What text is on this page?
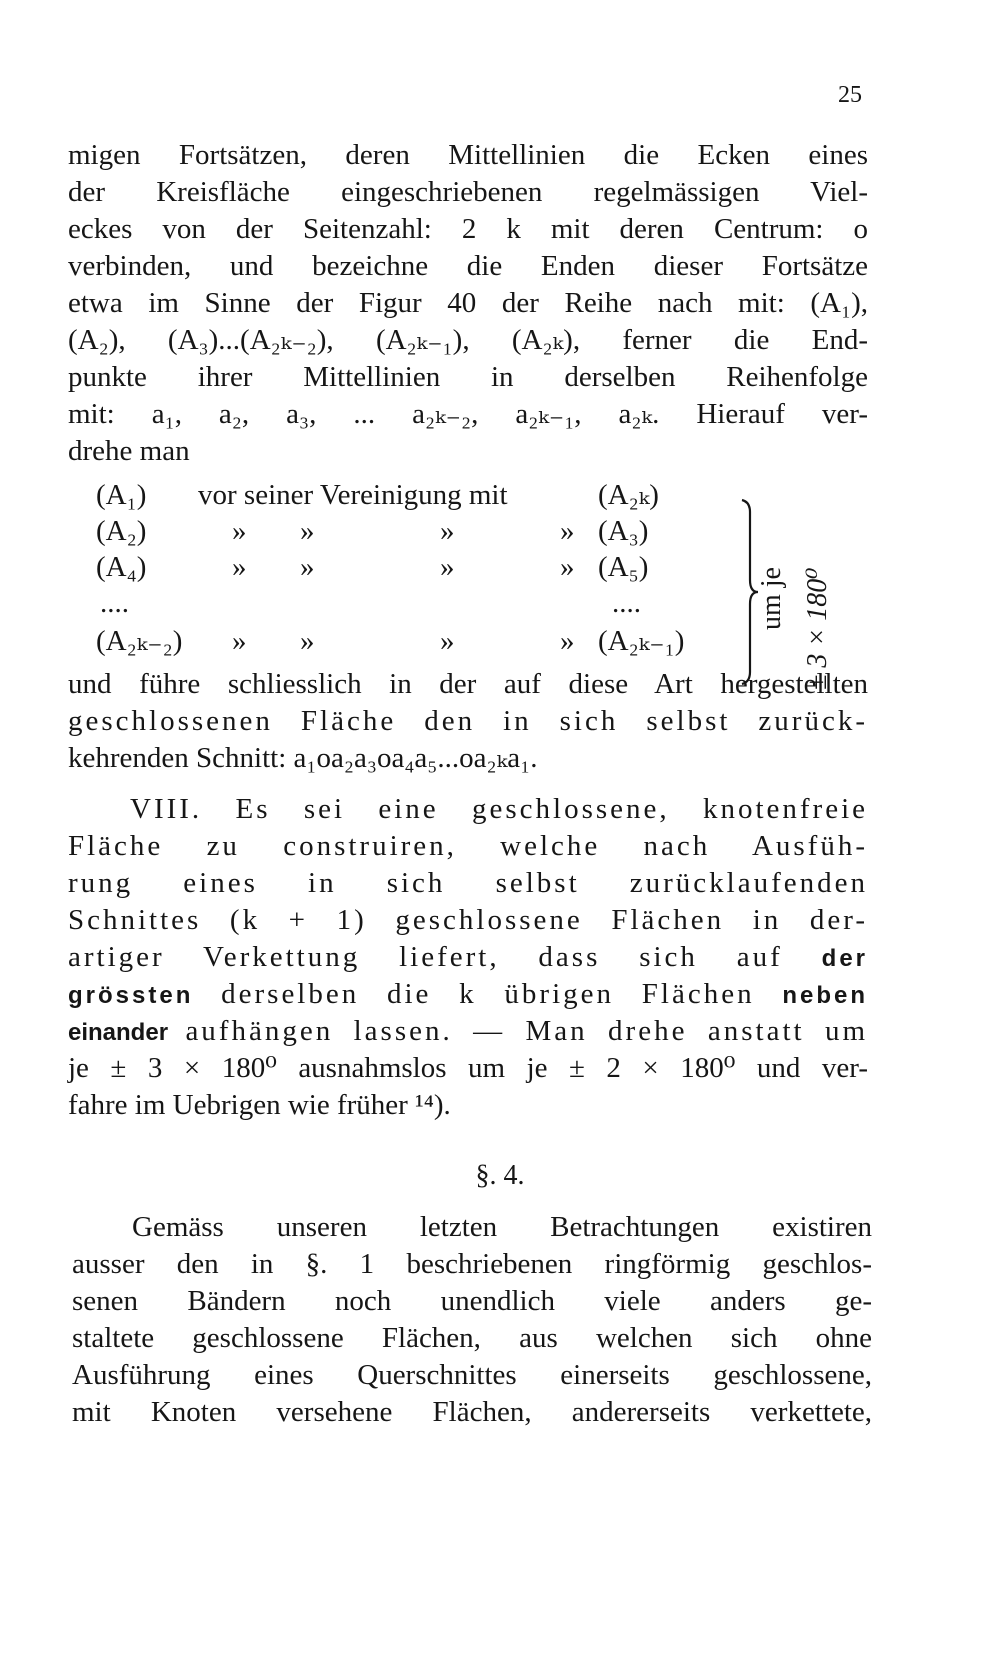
25
migen Fortsätzen, deren Mittellinien die Ecken eines
der Kreisfläche eingeschriebenen regelmässigen Viel-
eckes von der Seitenzahl: 2 k mit deren Centrum: o
verbinden, und bezeichne die Enden dieser Fortsätze
etwa im Sinne der Figur 40 der Reihe nach mit: (A₁),
(A₂), (A₃)...(A₂ₖ₋₂), (A₂ₖ₋₁), (A₂ₖ), ferner die End-
punkte ihrer Mittellinien in derselben Reihenfolge
mit: a₁, a₂, a₃, ... a₂ₖ₋₂, a₂ₖ₋₁, a₂ₖ. Hierauf ver-
drehe man
(A₁) vor seiner Vereinigung mit	(A₂ₖ)
(A₂)	» »	»	» (A₃)
(A₄)	» »	»	» (A₅)
....	....
(A₂ₖ₋₂) » »	»	» (A₂ₖ₋₁)
um je ± 3 × 180⁰
und führe schliesslich in der auf diese Art hergestellten
geschlossenen Fläche den in sich selbst zurück-
kehrenden Schnitt: a₁oa₂a₃oa₄a₅...oa₂ₖa₁.
VIII. Es sei eine geschlossene, knotenfreie
Fläche zu construiren, welche nach Ausfüh-
rung eines in sich selbst zurücklaufenden
Schnittes (k + 1) geschlossene Flächen in der-
artiger Verkettung liefert, dass sich auf der
grössten derselben die k übrigen Flächen neben
einander aufhängen lassen. — Man drehe anstatt um
je ± 3 × 180⁰ ausnahmslos um je ± 2 × 180⁰ und ver-
fahre im Uebrigen wie früher ¹⁴).
§. 4.
Gemäss unseren letzten Betrachtungen existiren
ausser den in §. 1 beschriebenen ringförmig geschlos-
senen Bändern noch unendlich viele anders ge-
staltete geschlossene Flächen, aus welchen sich ohne
Ausführung eines Querschnittes einerseits geschlossene,
mit Knoten versehene Flächen, andererseits verkettete,
